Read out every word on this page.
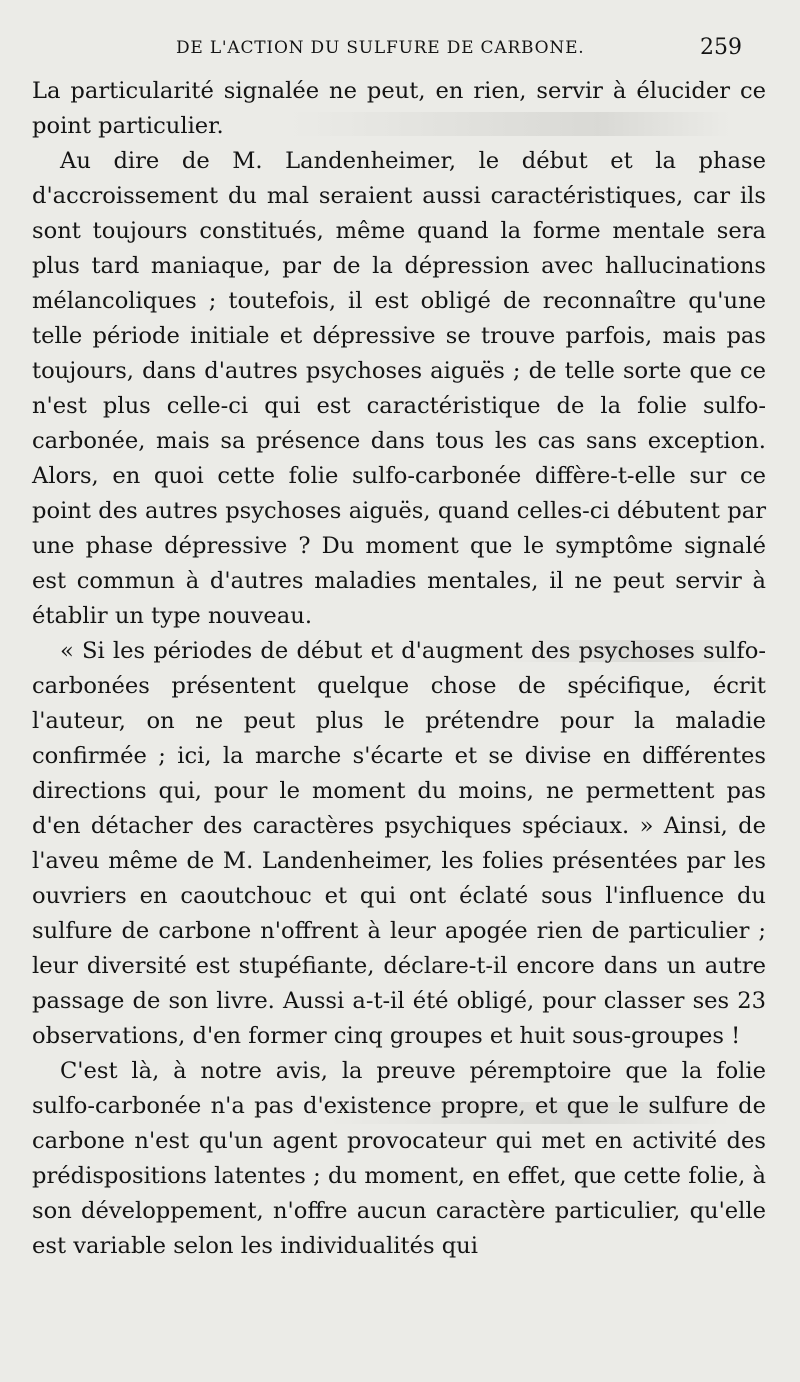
DE L'ACTION DU SULFURE DE CARBONE.	259

La particularité signalée ne peut, en rien, servir à élucider ce point particulier.

Au dire de M. Landenheimer, le début et la phase d'accroissement du mal seraient aussi caractéristiques, car ils sont toujours constitués, même quand la forme mentale sera plus tard maniaque, par de la dépression avec hallucinations mélancoliques ; toutefois, il est obligé de reconnaître qu'une telle période initiale et dépressive se trouve parfois, mais pas toujours, dans d'autres psychoses aiguës ; de telle sorte que ce n'est plus celle-ci qui est caractéristique de la folie sulfo-carbonée, mais sa présence dans tous les cas sans exception. Alors, en quoi cette folie sulfo-carbonée diffère-t-elle sur ce point des autres psychoses aiguës, quand celles-ci débutent par une phase dépressive ? Du moment que le symptôme signalé est commun à d'autres maladies mentales, il ne peut servir à établir un type nouveau.

« Si les périodes de début et d'augment des psychoses sulfo-carbonées présentent quelque chose de spécifique, écrit l'auteur, on ne peut plus le prétendre pour la maladie confirmée ; ici, la marche s'écarte et se divise en différentes directions qui, pour le moment du moins, ne permettent pas d'en détacher des caractères psychiques spéciaux. » Ainsi, de l'aveu même de M. Landenheimer, les folies présentées par les ouvriers en caoutchouc et qui ont éclaté sous l'influence du sulfure de carbone n'offrent à leur apogée rien de particulier ; leur diversité est stupéfiante, déclare-t-il encore dans un autre passage de son livre. Aussi a-t-il été obligé, pour classer ses 23 observations, d'en former cinq groupes et huit sous-groupes !

C'est là, à notre avis, la preuve péremptoire que la folie sulfo-carbonée n'a pas d'existence propre, et que le sulfure de carbone n'est qu'un agent provocateur qui met en activité des prédispositions latentes ; du moment, en effet, que cette folie, à son développement, n'offre aucun caractère particulier, qu'elle est variable selon les individualités qui
